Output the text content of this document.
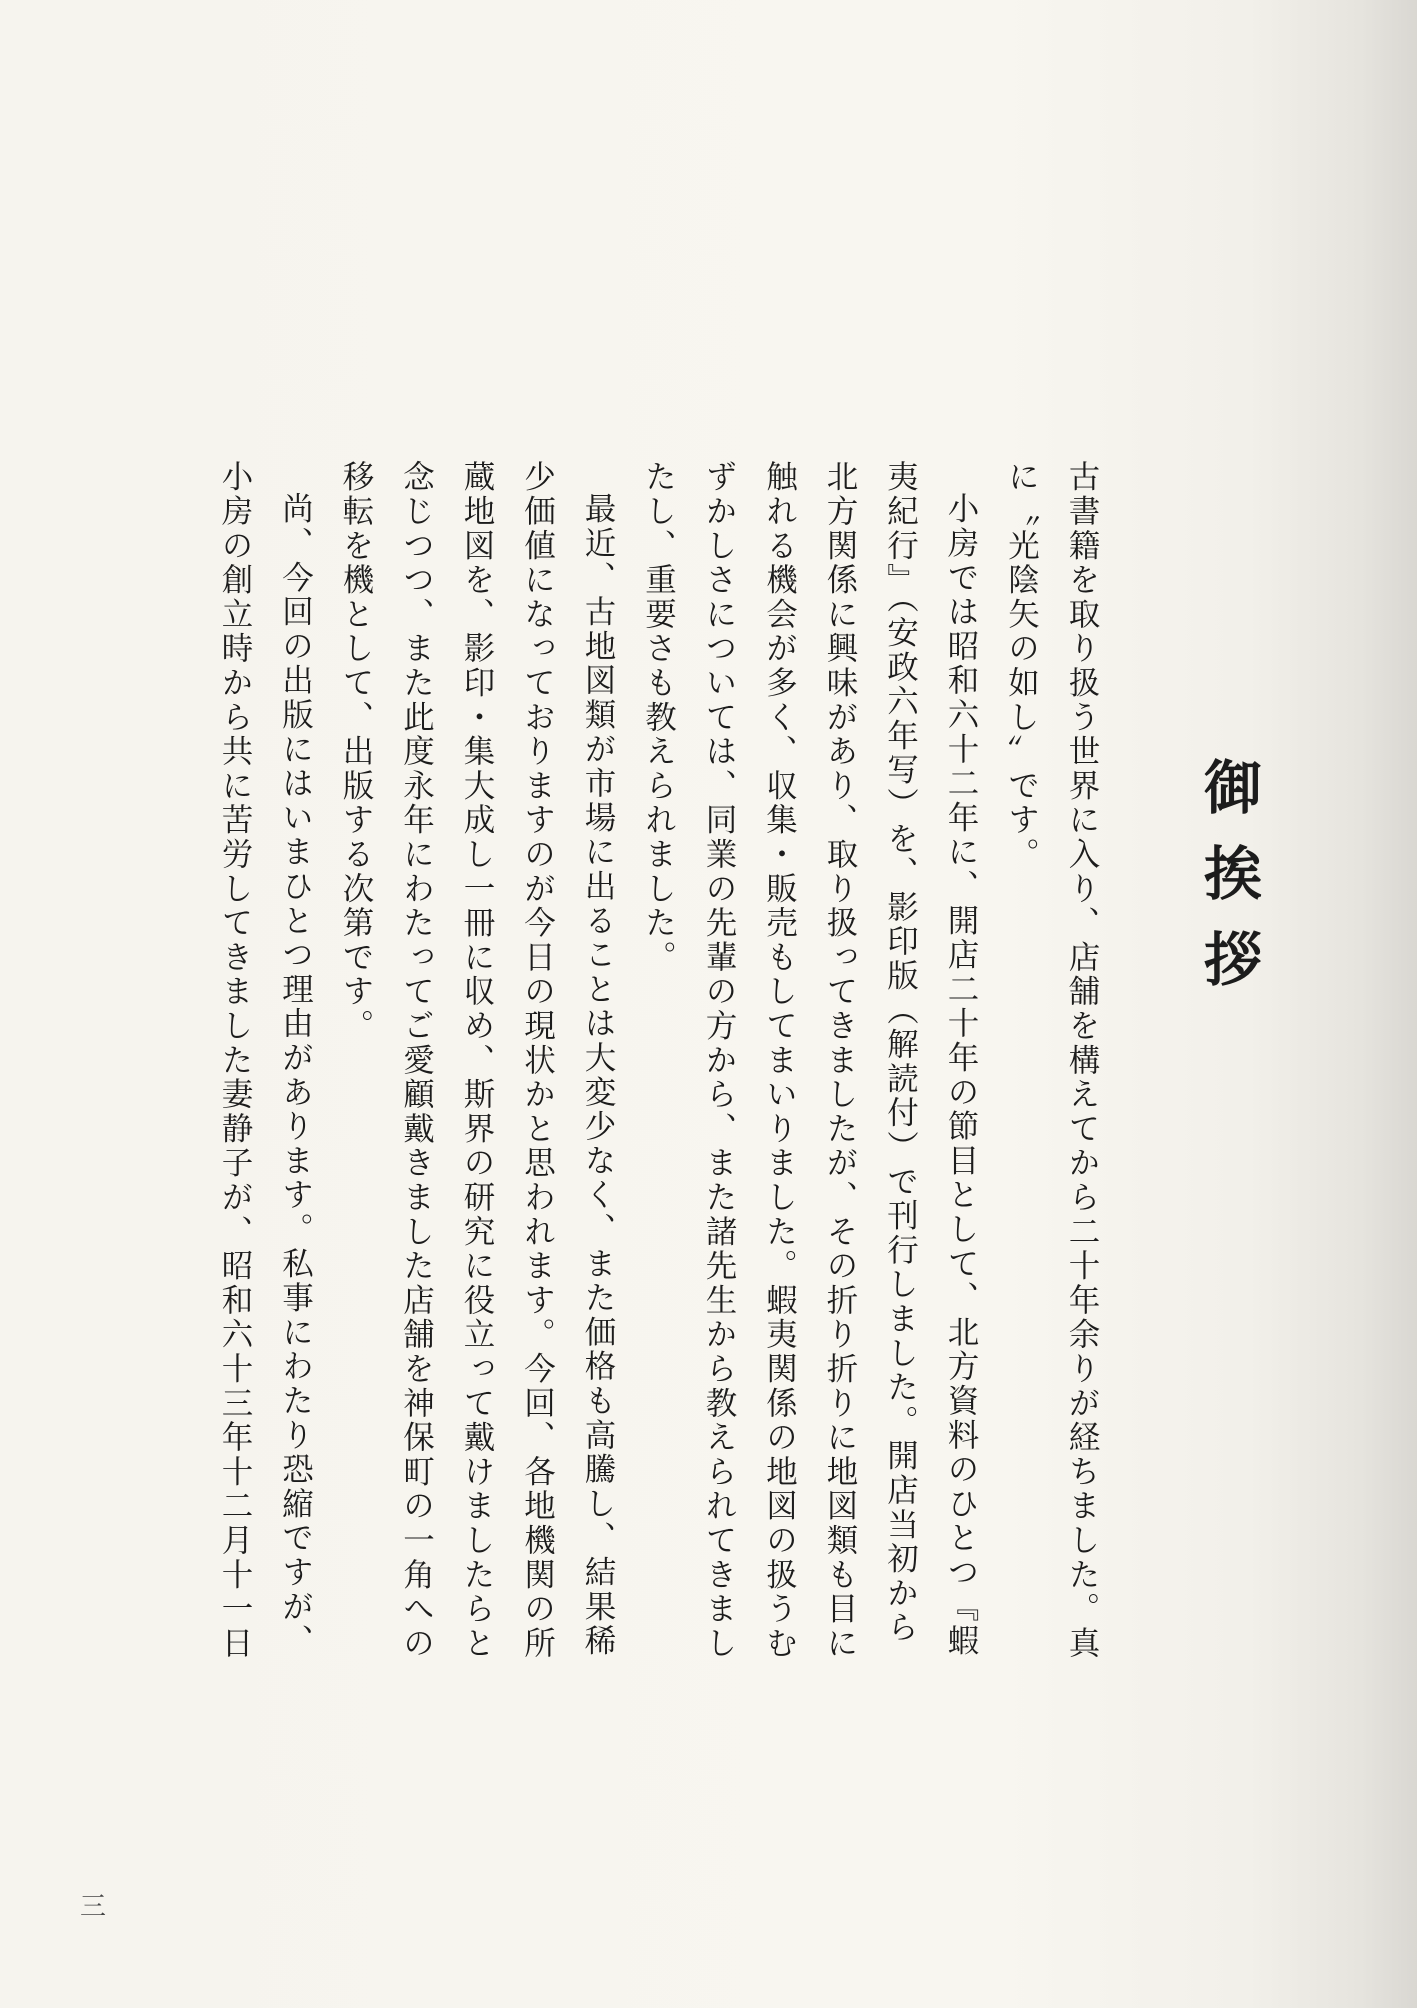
御挨拶

古書籍を取り扱う世界に入り、店舗を構えてから二十年余りが経ちました。真に〝光陰矢の如し〟です。

小房では昭和六十二年に、開店二十年の節目として、北方資料のひとつ『蝦夷紀行』（安政六年写）を、影印版（解読付）で刊行しました。開店当初から北方関係に興味があり、取り扱ってきましたが、その折り折りに地図類も目に触れる機会が多く、収集・販売もしてまいりました。蝦夷関係の地図の扱うむずかしさについては、同業の先輩の方から、また諸先生から教えられてきましたし、重要さも教えられました。

最近、古地図類が市場に出ることは大変少なく、また価格も高騰し、結果稀少価値になっておりますのが今日の現状かと思われます。今回、各地機関の所蔵地図を、影印・集大成し一冊に収め、斯界の研究に役立って戴けましたらと念じつつ、また此度永年にわたってご愛顧戴きました店舗を神保町の一角への移転を機として、出版する次第です。

尚、今回の出版にはいまひとつ理由があります。私事にわたり恐縮ですが、小房の創立時から共に苦労してきました妻静子が、昭和六十三年十二月十一日

三
